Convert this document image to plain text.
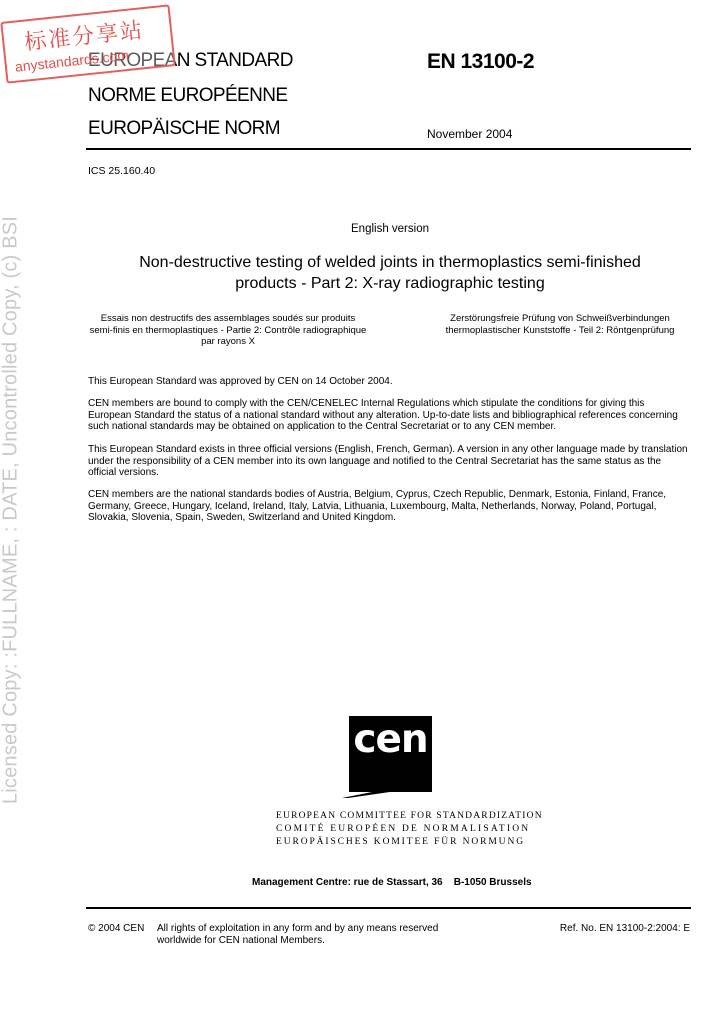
Licensed Copy: :FULLNAME, : DATE, Uncontrolled Copy, (c) BSI
EUROPEAN STANDARD
NORME EUROPÉENNE
EUROPÄISCHE NORM
EN 13100-2
November 2004
标准分享站
anystandards.com
ICS 25.160.40
English version
Non-destructive testing of welded joints in thermoplastics semi-finished products - Part 2: X-ray radiographic testing
Essais non destructifs des assemblages soudés sur produits semi-finis en thermoplastiques - Partie 2: Contrôle radiographique par rayons X
Zerstörungsfreie Prüfung von Schweißverbindungen thermoplastischer Kunststoffe - Teil 2: Röntgenprüfung
This European Standard was approved by CEN on 14 October 2004.
CEN members are bound to comply with the CEN/CENELEC Internal Regulations which stipulate the conditions for giving this European Standard the status of a national standard without any alteration. Up-to-date lists and bibliographical references concerning such national standards may be obtained on application to the Central Secretariat or to any CEN member.
This European Standard exists in three official versions (English, French, German). A version in any other language made by translation under the responsibility of a CEN member into its own language and notified to the Central Secretariat has the same status as the official versions.
CEN members are the national standards bodies of Austria, Belgium, Cyprus, Czech Republic, Denmark, Estonia, Finland, France, Germany, Greece, Hungary, Iceland, Ireland, Italy, Latvia, Lithuania, Luxembourg, Malta, Netherlands, Norway, Poland, Portugal, Slovakia, Slovenia, Spain, Sweden, Switzerland and United Kingdom.
cen
EUROPEAN COMMITTEE FOR STANDARDIZATION
COMITÉ EUROPÉEN DE NORMALISATION
EUROPÄISCHES KOMITEE FÜR NORMUNG
Management Centre: rue de Stassart, 36    B-1050 Brussels
© 2004 CEN All rights of exploitation in any form and by any means reserved worldwide for CEN national Members.
Ref. No. EN 13100-2:2004: E
